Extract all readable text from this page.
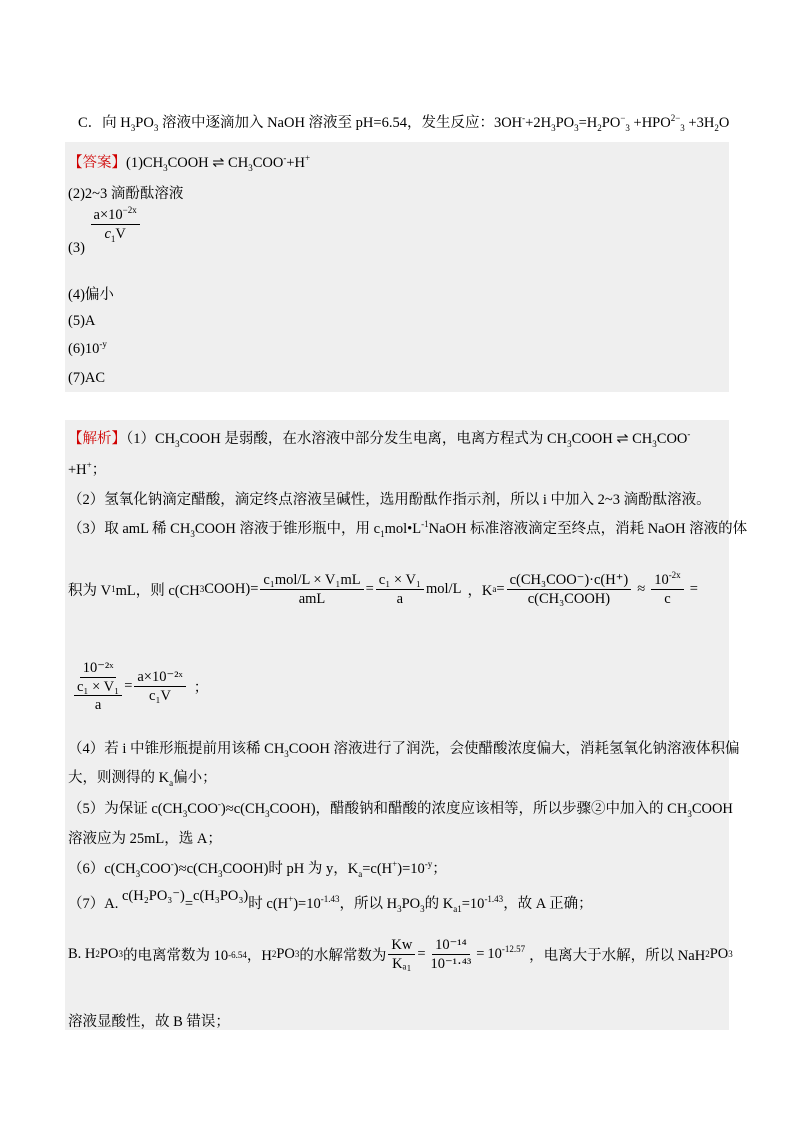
C．向 $H_3PO_3$ 溶液中逐滴加入 NaOH 溶液至 pH=6.54，发生反应：$3OH^-+2H_3PO_3=H_2PO^-_3 +HPO^{2-}_3 +3H_2O$
【答案】$(1)CH_3COOH$ ⇌ $CH_3COO^-+H^+$
(2)2~3 滴酚酞溶液
(3)
$\frac{a\times 10^{-2x}}{c_1V}$
(4)偏小
(5)A
$(6)10^{-y}$
(7)AC
【解析】$(1)CH_3COOH$ 是弱酸，在水溶液中部分发生电离，电离方程式为 $CH_3COOH$ ⇌ $CH_3COO^-$
+H+；
（2）氢氧化钠滴定醋酸，滴定终点溶液呈碱性，选用酚酞作指示剂，所以 i 中加入 2~3 滴酚酞溶液。
（3）取 amL 稀 $CH_3COOH$ 溶液于锥形瓶中，用 $c_1mol•L^{-1}NaOH$ 标准溶液滴定至终点，消耗 NaOH 溶液的体
积为 V 1 mL，则 c(CH 3 COOH)= $\frac{\text{c₁mol/L × V₁mL}}{\text{amL}} = \frac{\text{c₁ × V₁}}{a} mol/L$ ，K $a = \frac{\text{c(CH₃COO⁻)·c(H⁺)}}{\text{c(CH₃COOH)}} \approx \frac{10^{-2x}}{c}$ =
10⁻²ˣ
c₁ × V₁
a
= $\frac{\text{a×10⁻²ˣ}}{\text{c₁V}}$ ；
（4）若 i 中锥形瓶提前用该稀 $CH_3COOH$ 溶液进行了润洗，会使醋酸浓度偏大，消耗氢氧化钠溶液体积偏
大，则测得的 $K_a$偏小；
（5）为保证 $c(CH_3COO^-)\approx c(CH_3COOH)$，醋酸钠和醋酸的浓度应该相等，所以步骤②中加入的 $CH_3COOH$
溶液应为 25mL，选 A；
$(6)c(CH_3COO^-)\approx c(CH_3COOH)$时 pH 为 y，$K_a=c(H^+)=10^{-y}$；
（7）A. c(H₂PO₃⁻)=c(H₃PO₃)时 $c(H^+)=10^{-1.43}$，所以 $H_3PO_3$的 $K_{a1}=10^{-1.43}$，故 A 正确；
B. H 2 PO 3 的电离常数为 10 -6.54 ，H 2 PO 3 的水解常数为 $\frac{Kw}{\text{Kₐ₁}} = \frac{\text{10⁻¹⁴}}{\text{10⁻¹·⁴³}} = 10^{-12.57}$ ，电离大于水解，所以 NaH 2 PO 3
溶液显酸性，故 B 错误；
